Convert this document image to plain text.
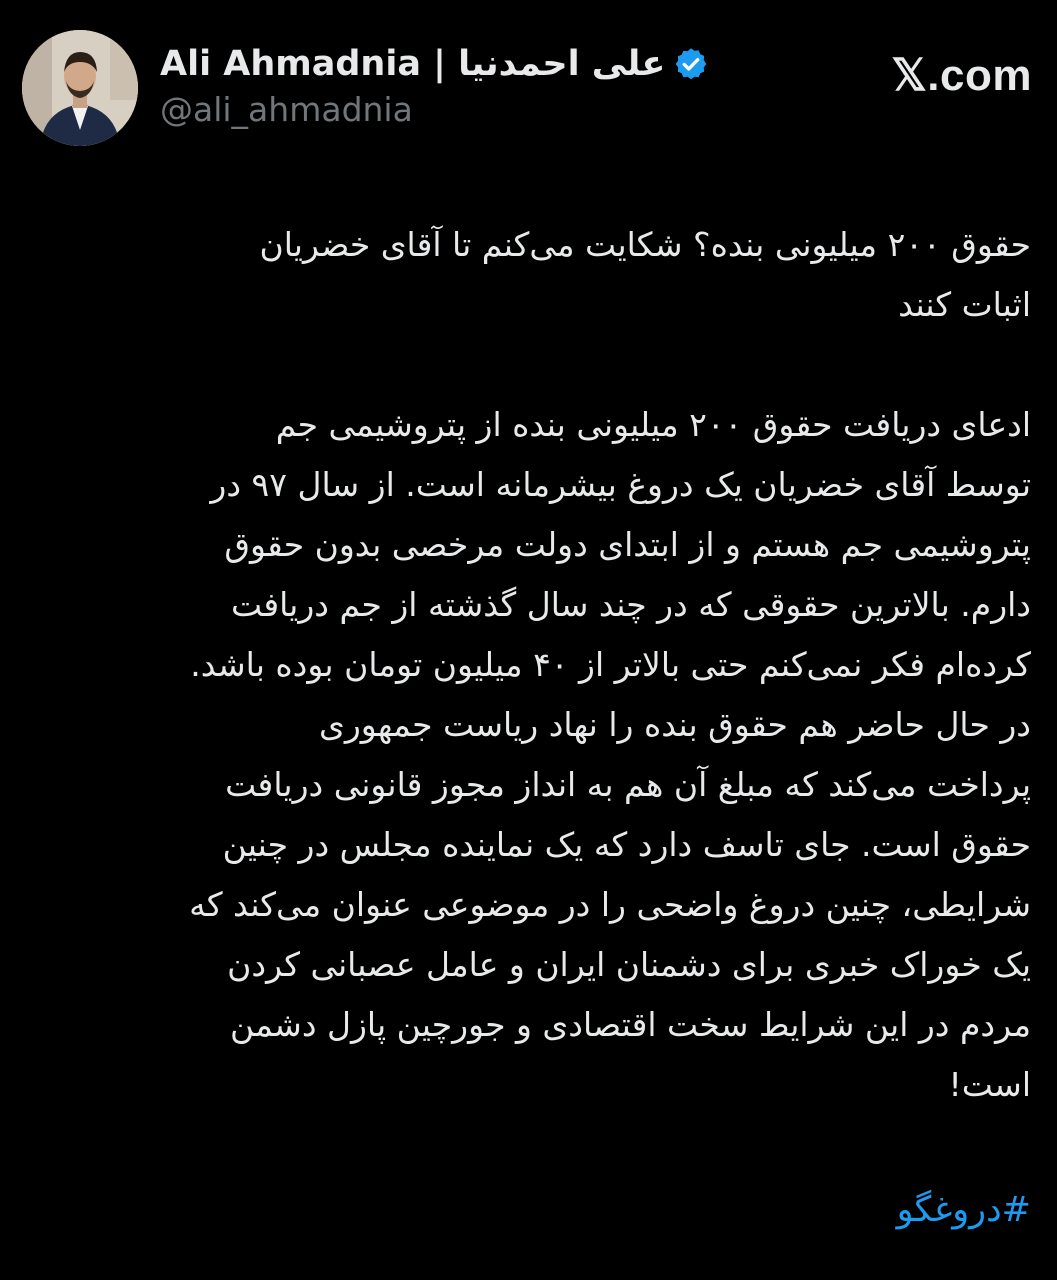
Ali Ahmadnia | علی احمدنیا
@ali_ahmadnia
𝕏.com

حقوق ۲۰۰ میلیونی بنده؟ شکایت می‌کنم تا آقای خضریان
اثبات کنند

ادعای دریافت حقوق ۲۰۰ میلیونی بنده از پتروشیمی جم
توسط آقای خضریان یک دروغ بیشرمانه است. از سال ۹۷ در
پتروشیمی جم هستم و از ابتدای دولت مرخصی بدون حقوق
دارم. بالاترین حقوقی که در چند سال گذشته از جم دریافت
کرده‌ام فکر نمی‌کنم حتی بالاتر از ۴۰ میلیون تومان بوده باشد.
در حال حاضر هم حقوق بنده را نهاد ریاست جمهوری
پرداخت می‌کند که مبلغ آن هم به انداز مجوز قانونی دریافت
حقوق است. جای تاسف دارد که یک نماینده مجلس در چنین
شرایطی، چنین دروغ واضحی را در موضوعی عنوان می‌کند که
یک خوراک خبری برای دشمنان ایران و عامل عصبانی کردن
مردم در این شرایط سخت اقتصادی و جورچین پازل دشمن
است!

#دروغگو
